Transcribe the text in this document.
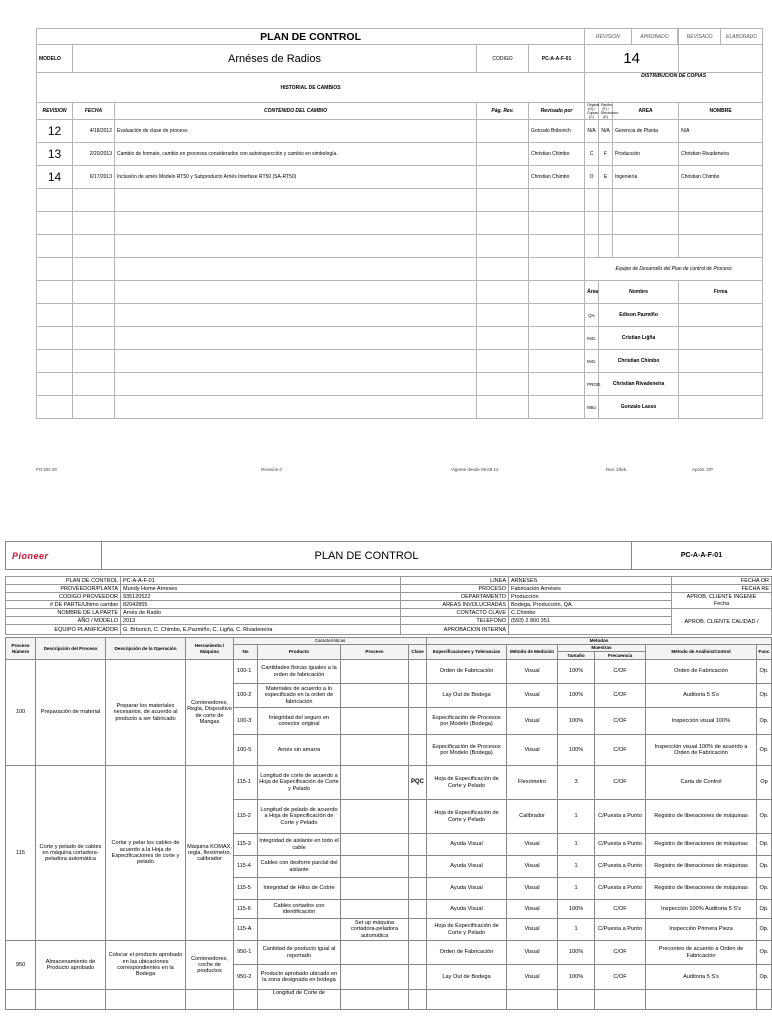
PLAN DE CONTROL		REVISION	APROBADO
		REVISADO	ELABORADO

MODELO	Arnéses de Radios	CODIGO	PC-A-A-F-01	14	
HISTORIAL DE CAMBIOS	DISTRIBUCION DE COPIAS
REVISION	FECHA	CONTENIDO DEL CAMBIO	Pág. Rev.	Revisado por	Original (O) / Copias (C)	Recibo (F) / Electrónico (E)	AREA	NOMBRE
12	4/18/2012	Evaluación de clase de proceso		Gonzalo Briborich	N/A	N/A	Gerencia de Planta	N/A
13	2/20/2013	Cambio de formato, cambio en procesos considerados con autoinspección y cambio en simbología.		Christian Chimbo	C	F	Producción	Christian Rivadeneira
14	6/17/2013	Inclusión de arnés Modelo RT50 y Subproducto Arnés Interfase RT50 (SA-RT50)		Christian Chimbo	O	E	Ingeniería	Christian Chimbo

					Equipo de Desarrollo del Plan de control de Proceso
					Área	Nombre	Firma
					QA	Edison Pazmiño	
					ING.	Cristian Lığña	
					ING.	Christian Chimbo	
					PROD.	Christian Rivadeneira	
					Mtto	Gonzalo Lasso	
FO-DD-28	Revisión 0	Vigente desde 09.08.12	Rev. 2/feb.	Aprob. GP
Pioneer	PLAN DE CONTROL	PC-A-A-F-01
PLAN DE CONTROL	PC-A-A-F-01	LINEA	ARNESES	FECHA OR
PROVEEDOR/PLANTA	Mundy Home Arneses	PROCESO	Fabricación Arnéses	FECHA RE
CODIGO PROVEEDOR	935120522	DEPARTAMENTO	Producción	APROB. CLIENTE INGENIE
Fecha

# DE PARTE/Ultimo cambio	82042855	AREAS INVOLUCRADAS	Bodega, Producción, QA.	
NOMBRE DE LA PARTE	Arnés de Radio	CONTACTO CLAVE	C.Chimbo	APROB. CLIENTE CALIDAD /
AÑO / MODELO	2013	TELEFONO	(593) 2 800 351	
EQUIPO PLANIFICADOR	G. Brborich, C. Chimbo, E.Pazmiño, C. Ligña, C. Rivadeneira	APROBACION INTERNA		
Proceso Número	Descripción del Proceso	Descripción de la Operación	Herramienta / Máquina	Características				Métodos					
				No	Producto	Proceso	Clase	Especificaciones y Tolerancias	Método de Medición	Muestras		Método de Análisis/Control	Func
										Tamaño	Frecuencia		
100	Preparación de material	Preparar los materiales necesarios, de acuerdo al producto a ser fabricado	Contenedores, Regla, Dispositivo de corte de Mangas	100-1	Cantidades físicas iguales a la orden de fabricación			Orden de Fabricación	Visual	100%	C/OF	Orden de Fabricación	Op.
				100-2	Materiales de acuerdo a lo especificado en la orden de fabricación			Lay Out de Bodega	Visual	100%	C/OF	Auditoria 5 S's	Op.
				100-3	Integridad del seguro en conector original			Especificación de Procesos por Modelo (Bodega)	Visual	100%	C/OF	Inspección visual 100%	Op.
				100-5	Arnés sin amarra			Especificación de Procesos por Modelo (Bodega)	Visual	100%	C/OF	Inspección visual 100% de acuerdo a Orden de Fabricación	Op.
115	Corte y pelado de cables en máquina cortadora-peladora automática	Cortar y pelar los cables de acuerdo a la Hoja de Especificaciones de corte y pelado	Máquina KOMAX, regla, flexómetro, calibrador	115-1	Longitud de corte de acuerdo a Hoja de Especificación de Corte y Pelado		PQC	Hoja de Especificación de Corte y Pelado	Flexómetro	3	C/OF	Carta de Control	Op
				115-2	Longitud de pelado de acuerdo a Hoja de Especificación de Corte y Pelado			Hoja de Especificación de Corte y Pelado	Calibrador	1	C/Puesta a Punto	Registro de liberaciones de máquinas	Op.
				115-3	Integridad de aislante en todo el cable			Ayuda Visual	Visual	1	C/Puesta a Punto	Registro de liberaciones de máquinas	Op.
				115-4	Cables con desforre parcial del aislante			Ayuda Visual	Visual	1	C/Puesta a Punto	Registro de liberaciones de máquinas	Op.
				115-5	Integridad de Hilos de Cobre			Ayuda Visual	Visual	1	C/Puesta a Punto	Registro de liberaciones de máquinas	Op.
				115-6	Cables cortados con identificación			Ayuda Visual	Visual	100%	C/OF	Inspección 100% Auditoria 5 S's	Op.
				115-A		Set up máquina cortadora-peladora automática		Hoja de Especificación de Corte y Pelado	Visual	1	C/Puesta a Punto	Inspección Primera Pieza	Op.
950	Almacenamiento de Producto aprobado	Colocar el producto aprobado en las ubicaciones correspondientes en la Bodega	Contenedores, coche de productos	950-1	Cantidad de producto igual al reportado			Orden de Fabricación	Visual	100%	C/OF	Preconteo de acuerdo a Orden de Fabricación	Op.
				950-2	Producto aprobado ubicado en la zona designada en bodega			Lay Out de Bodega	Visual	100%	C/OF	Auditoria 5 S's	Op.
					Longitud de Corte de								
